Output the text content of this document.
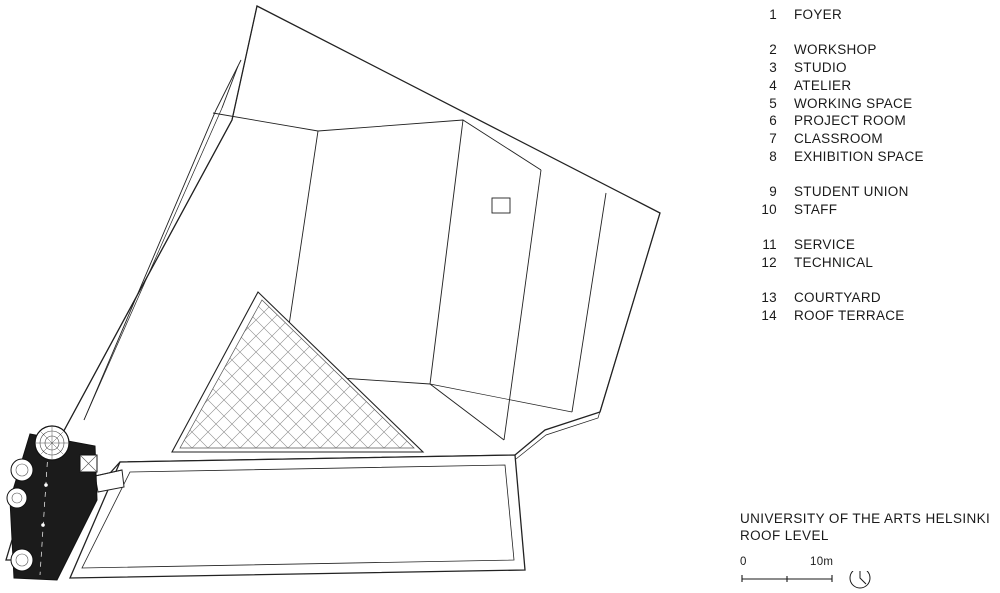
1	FOYER
2	WORKSHOP
3	STUDIO
4	ATELIER
5	WORKING SPACE
6	PROJECT ROOM
7	CLASSROOM
8	EXHIBITION SPACE
9	STUDENT UNION
10	STAFF
11	SERVICE
12	TECHNICAL
13	COURTYARD
14	ROOF TERRACE
UNIVERSITY OF THE ARTS HELSINKI
ROOF LEVEL
0	10m
